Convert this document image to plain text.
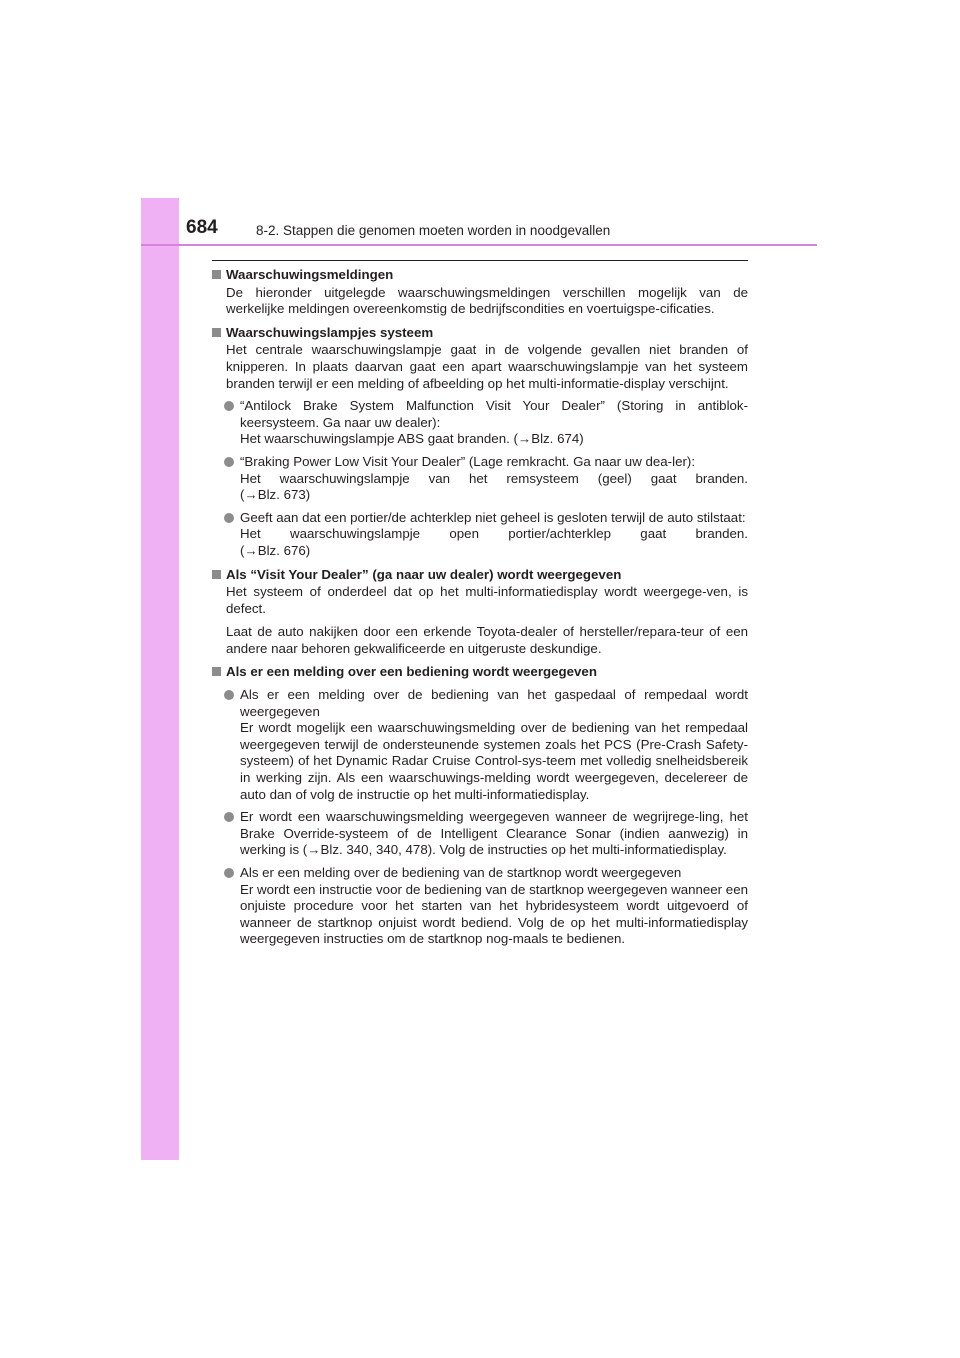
684	8-2. Stappen die genomen moeten worden in noodgevallen
Waarschuwingsmeldingen
De hieronder uitgelegde waarschuwingsmeldingen verschillen mogelijk van de werkelijke meldingen overeenkomstig de bedrijfscondities en voertuigspe-cificaties.
Waarschuwingslampjes systeem
Het centrale waarschuwingslampje gaat in de volgende gevallen niet branden of knipperen. In plaats daarvan gaat een apart waarschuwingslampje van het systeem branden terwijl er een melding of afbeelding op het multi-informatie-display verschijnt.
“Antilock Brake System Malfunction Visit Your Dealer” (Storing in antiblok-keersysteem. Ga naar uw dealer):
Het waarschuwingslampje ABS gaat branden. (→Blz. 674)
“Braking Power Low Visit Your Dealer” (Lage remkracht. Ga naar uw dea-ler):
Het waarschuwingslampje van het remsysteem (geel) gaat branden.
(→Blz. 673)
Geeft aan dat een portier/de achterklep niet geheel is gesloten terwijl de auto stilstaat:
Het waarschuwingslampje open portier/achterklep gaat branden.
(→Blz. 676)
Als “Visit Your Dealer” (ga naar uw dealer) wordt weergegeven
Het systeem of onderdeel dat op het multi-informatiedisplay wordt weergege-ven, is defect.
Laat de auto nakijken door een erkende Toyota-dealer of hersteller/repara-teur of een andere naar behoren gekwalificeerde en uitgeruste deskundige.
Als er een melding over een bediening wordt weergegeven
Als er een melding over de bediening van het gaspedaal of rempedaal wordt weergegeven
Er wordt mogelijk een waarschuwingsmelding over de bediening van het rempedaal weergegeven terwijl de ondersteunende systemen zoals het PCS (Pre-Crash Safety-systeem) of het Dynamic Radar Cruise Control-sys-teem met volledig snelheidsbereik in werking zijn. Als een waarschuwings-melding wordt weergegeven, decelereer de auto dan of volg de instructie op het multi-informatiedisplay.
Er wordt een waarschuwingsmelding weergegeven wanneer de wegrijrege-ling, het Brake Override-systeem of de Intelligent Clearance Sonar (indien aanwezig) in werking is (→Blz. 340, 340, 478). Volg de instructies op het multi-informatiedisplay.
Als er een melding over de bediening van de startknop wordt weergegeven
Er wordt een instructie voor de bediening van de startknop weergegeven wanneer een onjuiste procedure voor het starten van het hybridesysteem wordt uitgevoerd of wanneer de startknop onjuist wordt bediend. Volg de op het multi-informatiedisplay weergegeven instructies om de startknop nog-maals te bedienen.
